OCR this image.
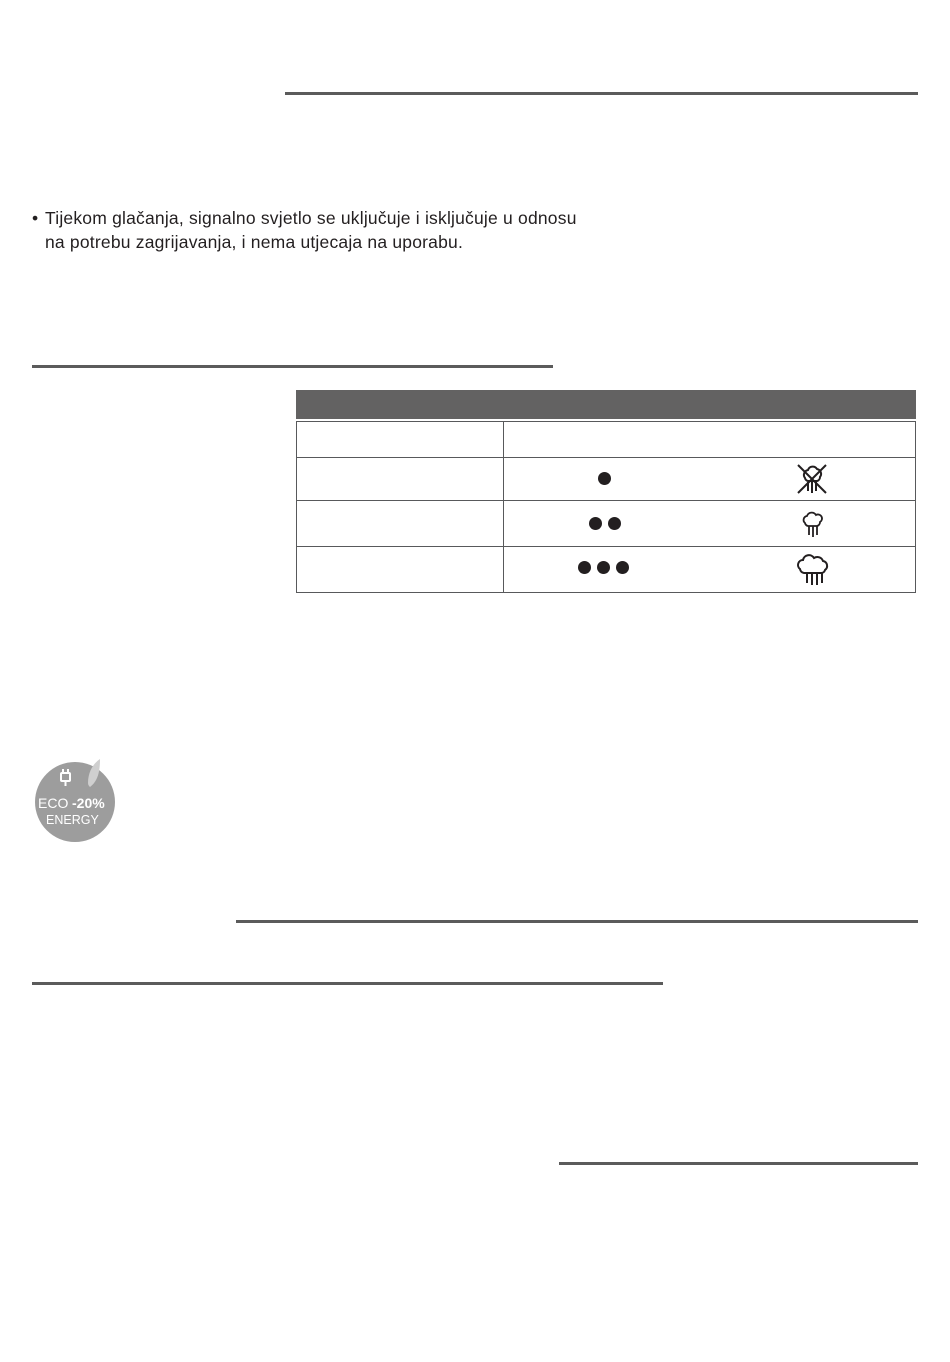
• Tijekom glačanja, signalno svjetlo se uključuje i isključuje u odnosu
na potrebu zagrijavanja, i nema utjecaja na uporabu.
ECO -20%
ENERGY
